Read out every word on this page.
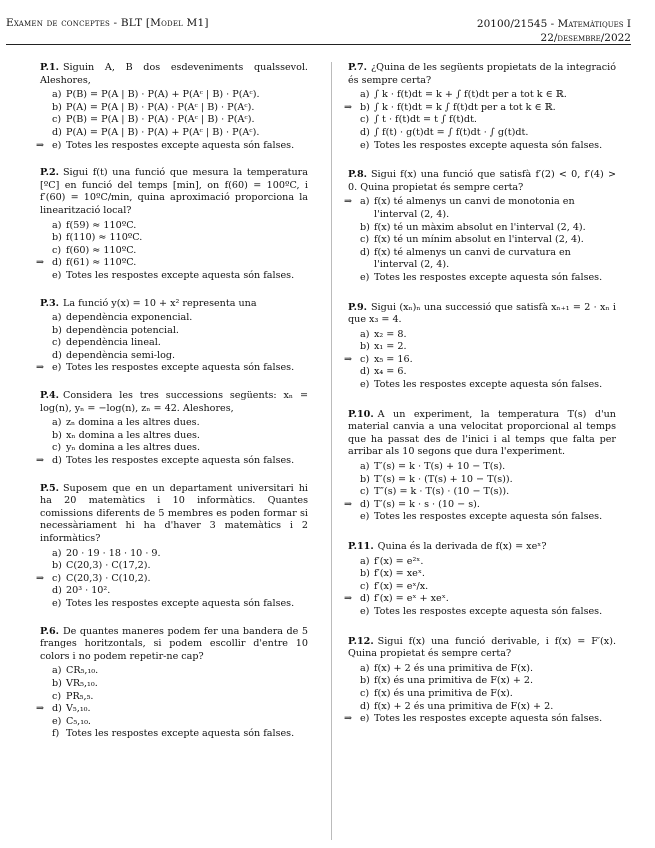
Examen de conceptes - BLT [Model M1]	20100/21545 - Matemàtiques I
22/desembre/2022
P.1. Siguin A, B dos esdeveniments qualssevol. Aleshores,
a) P(B) = P(A | B) · P(A) + P(Aᶜ | B) · P(Aᶜ).
b) P(A) = P(A | B) · P(A) · P(Aᶜ | B) · P(Aᶜ).
c) P(B) = P(A | B) · P(A) · P(Aᶜ | B) · P(Aᶜ).
d) P(A) = P(A | B) · P(A) + P(Aᶜ | B) · P(Aᶜ).
⇒ e) Totes les respostes excepte aquesta són falses.
P.2. Sigui f(t) una funció que mesura la temperatura [ºC] en funció del temps [min], on f(60) = 100ºC, i f′(60) = 10ºC/min, quina aproximació proporciona la linearització local?
a) f(59) ≈ 110ºC.
b) f(110) ≈ 110ºC.
c) f(60) ≈ 110ºC.
⇒ d) f(61) ≈ 110ºC.
e) Totes les respostes excepte aquesta són falses.
P.3. La funció y(x) = 10 + x² representa una
a) dependència exponencial.
b) dependència potencial.
c) dependència lineal.
d) dependència semi-log.
⇒ e) Totes les respostes excepte aquesta són falses.
P.4. Considera les tres successions següents: xₙ = log(n), yₙ = −log(n), zₙ = 42. Aleshores,
a) zₙ domina a les altres dues.
b) xₙ domina a les altres dues.
c) yₙ domina a les altres dues.
⇒ d) Totes les respostes excepte aquesta són falses.
P.5. Suposem que en un departament universitari hi ha 20 matemàtics i 10 informàtics. Quantes comissions diferents de 5 membres es poden formar si necessàriament hi ha d'haver 3 matemàtics i 2 informàtics?
a) 20 · 19 · 18 · 10 · 9.
b) C(20,3) · C(17,2).
⇒ c) C(20,3) · C(10,2).
d) 20³ · 10².
e) Totes les respostes excepte aquesta són falses.
P.6. De quantes maneres podem fer una bandera de 5 franges horitzontals, si podem escollir d'entre 10 colors i no podem repetir-ne cap?
a) CR₅,₁₀.
b) VR₅,₁₀.
c) PR₅,₅.
⇒ d) V₅,₁₀.
e) C₅,₁₀.
f) Totes les respostes excepte aquesta són falses.
P.7. ¿Quina de les següents propietats de la integració és sempre certa?
a) ∫ k · f(t)dt = k + ∫ f(t)dt per a tot k ∈ ℝ.
⇒ b) ∫ k · f(t)dt = k ∫ f(t)dt per a tot k ∈ ℝ.
c) ∫ t · f(t)dt = t ∫ f(t)dt.
d) ∫ f(t) · g(t)dt = ∫ f(t)dt · ∫ g(t)dt.
e) Totes les respostes excepte aquesta són falses.
P.8. Sigui f(x) una funció que satisfà f′(2) < 0, f′(4) > 0. Quina propietat és sempre certa?
⇒ a) f(x) té almenys un canvi de monotonia en l'interval (2, 4).
b) f(x) té un màxim absolut en l'interval (2, 4).
c) f(x) té un mínim absolut en l'interval (2, 4).
d) f(x) té almenys un canvi de curvatura en l'interval (2, 4).
e) Totes les respostes excepte aquesta són falses.
P.9. Sigui (xₙ)ₙ una successió que satisfà xₙ₊₁ = 2 · xₙ i que x₃ = 4.
a) x₂ = 8.
b) x₁ = 2.
⇒ c) x₅ = 16.
d) x₄ = 6.
e) Totes les respostes excepte aquesta són falses.
P.10. A un experiment, la temperatura T(s) d'un material canvia a una velocitat proporcional al temps que ha passat des de l'inici i al temps que falta per arribar als 10 segons que dura l'experiment.
a) T′(s) = k · T(s) + 10 − T(s).
b) T′(s) = k · (T(s) + 10 − T(s)).
c) T″(s) = k · T(s) · (10 − T(s)).
⇒ d) T′(s) = k · s · (10 − s).
e) Totes les respostes excepte aquesta són falses.
P.11. Quina és la derivada de f(x) = xeˣ?
a) f′(x) = e²ˣ.
b) f′(x) = xeˣ.
c) f′(x) = eˣ/x.
⇒ d) f′(x) = eˣ + xeˣ.
e) Totes les respostes excepte aquesta són falses.
P.12. Sigui f(x) una funció derivable, i f(x) = F′(x). Quina propietat és sempre certa?
a) f(x) + 2 és una primitiva de F(x).
b) f(x) és una primitiva de F(x) + 2.
c) f(x) és una primitiva de F(x).
d) f(x) + 2 és una primitiva de F(x) + 2.
⇒ e) Totes les respostes excepte aquesta són falses.
